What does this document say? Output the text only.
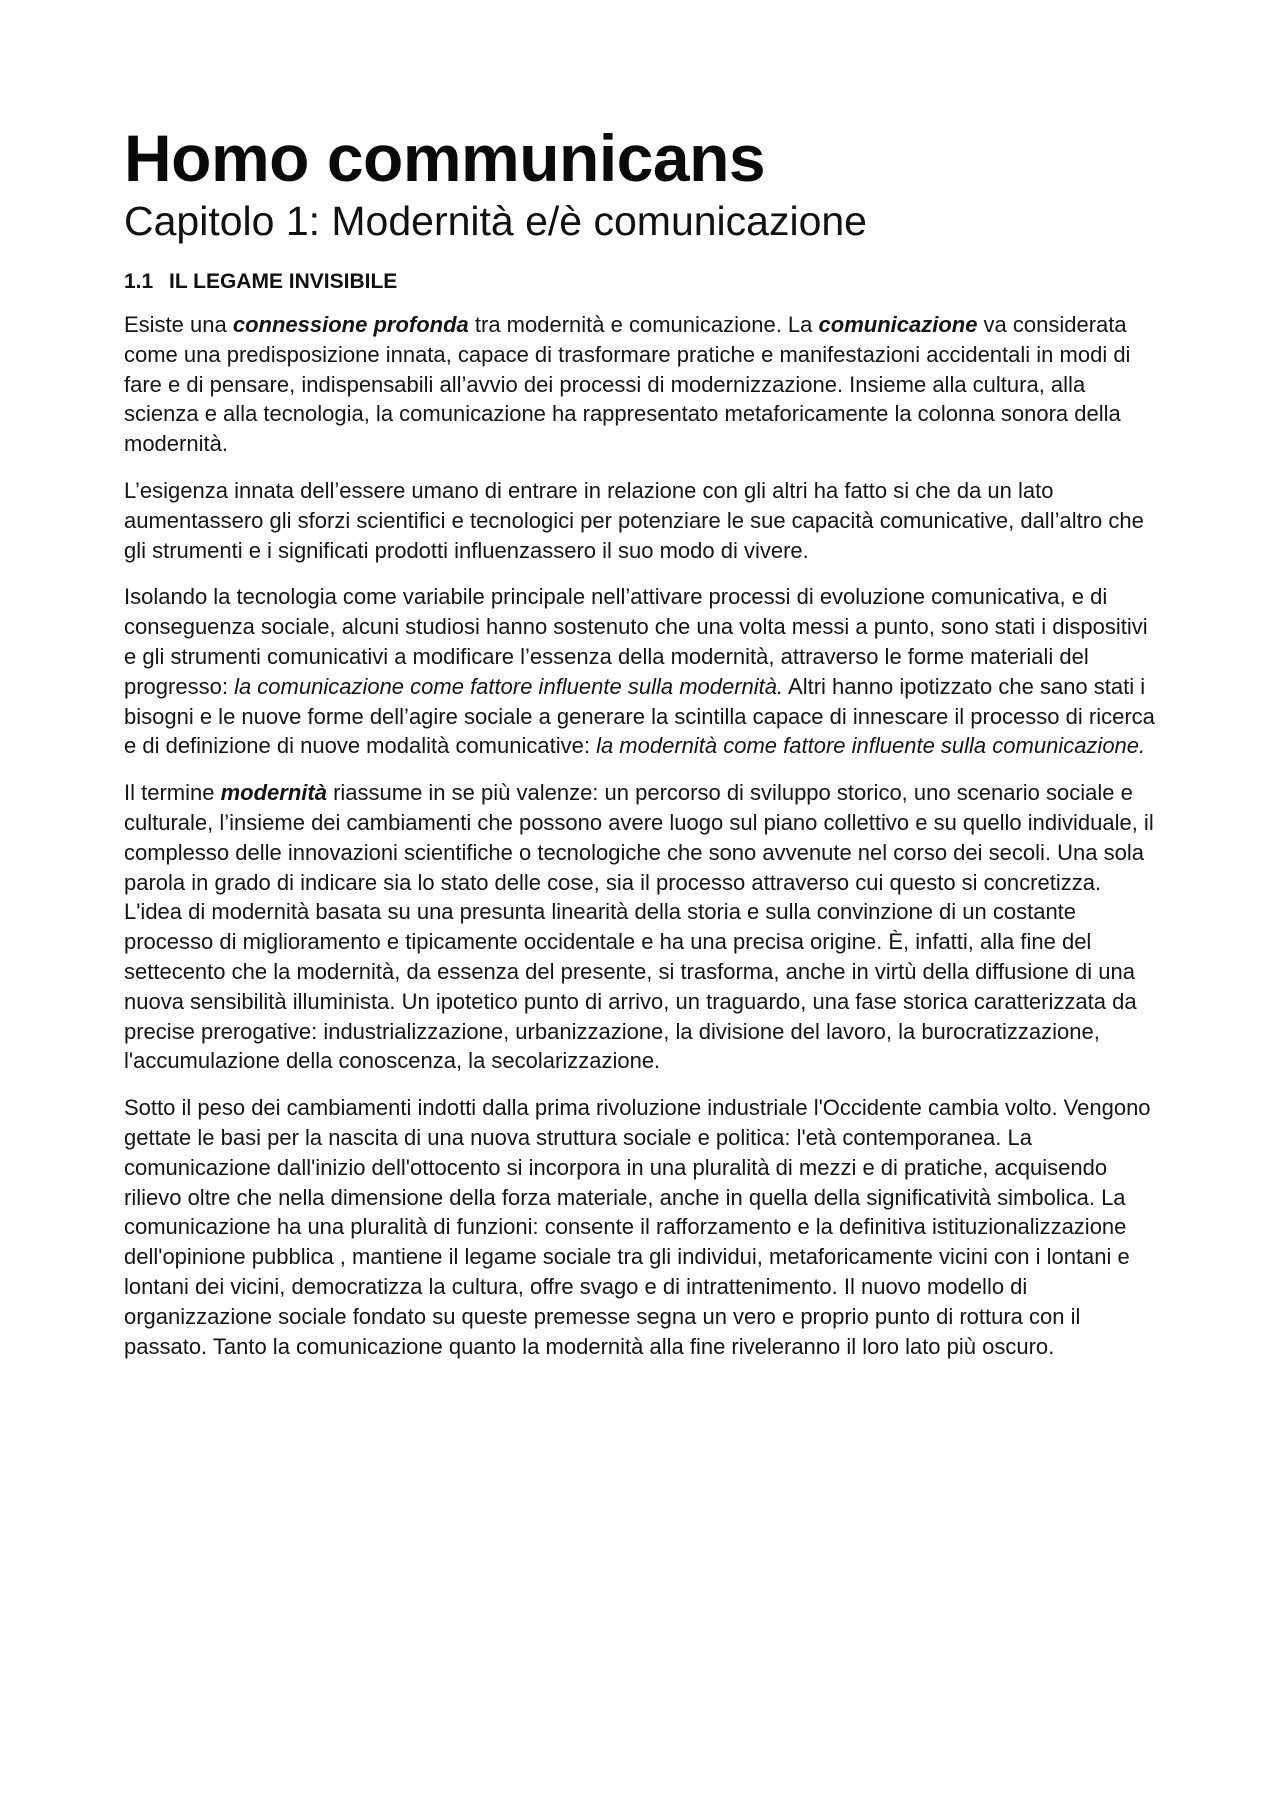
Homo communicans
Capitolo 1: Modernità e/è comunicazione
1.1 IL LEGAME INVISIBILE

Esiste una connessione profonda tra modernità e comunicazione. La comunicazione va considerata come una predisposizione innata, capace di trasformare pratiche e manifestazioni accidentali in modi di fare e di pensare, indispensabili all’avvio dei processi di modernizzazione. Insieme alla cultura, alla scienza e alla tecnologia, la comunicazione ha rappresentato metaforicamente la colonna sonora della modernità.

L’esigenza innata dell’essere umano di entrare in relazione con gli altri ha fatto si che da un lato aumentassero gli sforzi scientifici e tecnologici per potenziare le sue capacità comunicative, dall’altro che gli strumenti e i significati prodotti influenzassero il suo modo di vivere.

Isolando la tecnologia come variabile principale nell’attivare processi di evoluzione comunicativa, e di conseguenza sociale, alcuni studiosi hanno sostenuto che una volta messi a punto, sono stati i dispositivi e gli strumenti comunicativi a modificare l’essenza della modernità, attraverso le forme materiali del progresso: la comunicazione come fattore influente sulla modernità. Altri hanno ipotizzato che sano stati i bisogni e le nuove forme dell’agire sociale a generare la scintilla capace di innescare il processo di ricerca e di definizione di nuove modalità comunicative: la modernità come fattore influente sulla comunicazione.

Il termine modernità riassume in se più valenze: un percorso di sviluppo storico, uno scenario sociale e culturale, l’insieme dei cambiamenti che possono avere luogo sul piano collettivo e su quello individuale, il complesso delle innovazioni scientifiche o tecnologiche che sono avvenute nel corso dei secoli. Una sola parola in grado di indicare sia lo stato delle cose, sia il processo attraverso cui questo si concretizza. L'idea di modernità basata su una presunta linearità della storia e sulla convinzione di un costante processo di miglioramento e tipicamente occidentale e ha una precisa origine. È, infatti, alla fine del settecento che la modernità, da essenza del presente, si trasforma, anche in virtù della diffusione di una nuova sensibilità illuminista. Un ipotetico punto di arrivo, un traguardo, una fase storica caratterizzata da precise prerogative: industrializzazione, urbanizzazione, la divisione del lavoro, la burocratizzazione, l'accumulazione della conoscenza, la secolarizzazione.

Sotto il peso dei cambiamenti indotti dalla prima rivoluzione industriale l'Occidente cambia volto. Vengono gettate le basi per la nascita di una nuova struttura sociale e politica: l'età contemporanea. La comunicazione dall'inizio dell'ottocento si incorpora in una pluralità di mezzi e di pratiche, acquisendo rilievo oltre che nella dimensione della forza materiale, anche in quella della significatività simbolica. La comunicazione ha una pluralità di funzioni: consente il rafforzamento e la definitiva istituzionalizzazione dell'opinione pubblica , mantiene il legame sociale tra gli individui, metaforicamente vicini con i lontani e lontani dei vicini, democratizza la cultura, offre svago e di intrattenimento. Il nuovo modello di organizzazione sociale fondato su queste premesse segna un vero e proprio punto di rottura con il passato. Tanto la comunicazione quanto la modernità alla fine riveleranno il loro lato più oscuro.
